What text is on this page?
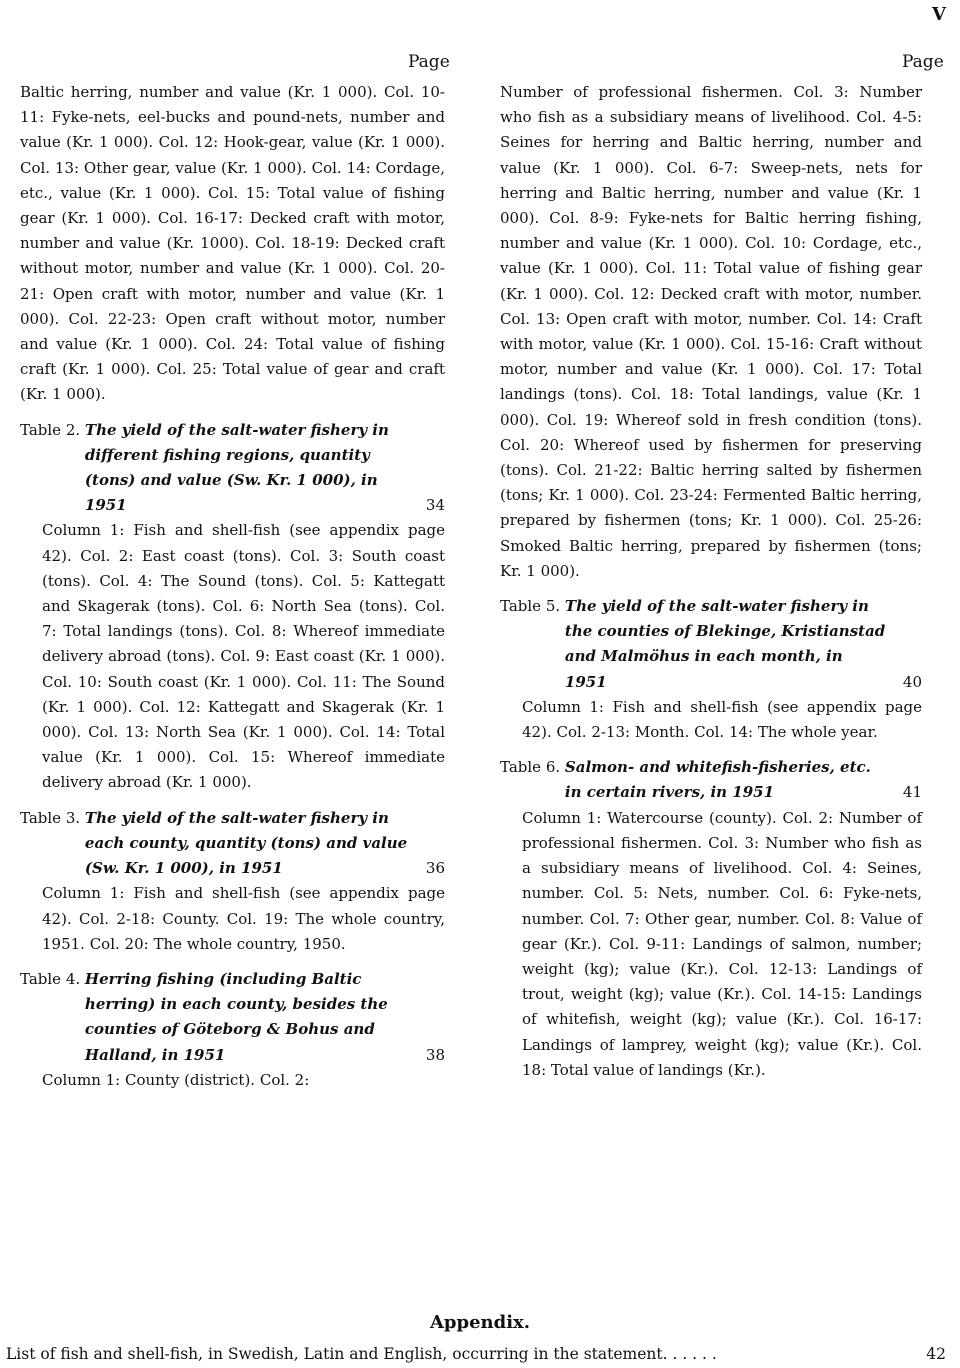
V
Page	Page
Baltic herring, number and value (Kr. 1 000). Col. 10-11: Fyke-nets, eel-bucks and pound-nets, number and value (Kr. 1 000). Col. 12: Hook-gear, value (Kr. 1 000). Col. 13: Other gear, value (Kr. 1 000). Col. 14: Cordage, etc., value (Kr. 1 000). Col. 15: Total value of fishing gear (Kr. 1 000). Col. 16-17: Decked craft with motor, number and value (Kr. 1000). Col. 18-19: Decked craft without motor, number and value (Kr. 1 000). Col. 20-21: Open craft with motor, number and value (Kr. 1 000). Col. 22-23: Open craft without motor, number and value (Kr. 1 000). Col. 24: Total value of fishing craft (Kr. 1 000). Col. 25: Total value of gear and craft (Kr. 1 000).
Table 2. The yield of the salt-water fishery in different fishing regions, quantity (tons) and value (Sw. Kr. 1 000), in 1951	34
Column 1: Fish and shell-fish (see appendix page 42). Col. 2: East coast (tons). Col. 3: South coast (tons). Col. 4: The Sound (tons). Col. 5: Kattegatt and Skagerak (tons). Col. 6: North Sea (tons). Col. 7: Total landings (tons). Col. 8: Whereof immediate delivery abroad (tons). Col. 9: East coast (Kr. 1 000). Col. 10: South coast (Kr. 1 000). Col. 11: The Sound (Kr. 1 000). Col. 12: Kattegatt and Skagerak (Kr. 1 000). Col. 13: North Sea (Kr. 1 000). Col. 14: Total value (Kr. 1 000). Col. 15: Whereof immediate delivery abroad (Kr. 1 000).
Table 3. The yield of the salt-water fishery in each county, quantity (tons) and value (Sw. Kr. 1 000), in 1951	36
Column 1: Fish and shell-fish (see appendix page 42). Col. 2-18: County. Col. 19: The whole country, 1951. Col. 20: The whole country, 1950.
Table 4. Herring fishing (including Baltic herring) in each county, besides the counties of Göteborg & Bohus and Halland, in 1951	38
Column 1: County (district). Col. 2:
Number of professional fishermen. Col. 3: Number who fish as a subsidiary means of livelihood. Col. 4-5: Seines for herring and Baltic herring, number and value (Kr. 1 000). Col. 6-7: Sweep-nets, nets for herring and Baltic herring, number and value (Kr. 1 000). Col. 8-9: Fyke-nets for Baltic herring fishing, number and value (Kr. 1 000). Col. 10: Cordage, etc., value (Kr. 1 000). Col. 11: Total value of fishing gear (Kr. 1 000). Col. 12: Decked craft with motor, number. Col. 13: Open craft with motor, number. Col. 14: Craft with motor, value (Kr. 1 000). Col. 15-16: Craft without motor, number and value (Kr. 1 000). Col. 17: Total landings (tons). Col. 18: Total landings, value (Kr. 1 000). Col. 19: Whereof sold in fresh condition (tons). Col. 20: Whereof used by fishermen for preserving (tons). Col. 21-22: Baltic herring salted by fishermen (tons; Kr. 1 000). Col. 23-24: Fermented Baltic herring, prepared by fishermen (tons; Kr. 1 000). Col. 25-26: Smoked Baltic herring, prepared by fishermen (tons; Kr. 1 000).
Table 5. The yield of the salt-water fishery in the counties of Blekinge, Kristianstad and Malmöhus in each month, in 1951	40
Column 1: Fish and shell-fish (see appendix page 42). Col. 2-13: Month. Col. 14: The whole year.
Table 6. Salmon- and whitefish-fisheries, etc. in certain rivers, in 1951	41
Column 1: Watercourse (county). Col. 2: Number of professional fishermen. Col. 3: Number who fish as a subsidiary means of livelihood. Col. 4: Seines, number. Col. 5: Nets, number. Col. 6: Fyke-nets, number. Col. 7: Other gear, number. Col. 8: Value of gear (Kr.). Col. 9-11: Landings of salmon, number; weight (kg); value (Kr.). Col. 12-13: Landings of trout, weight (kg); value (Kr.). Col. 14-15: Landings of whitefish, weight (kg); value (Kr.). Col. 16-17: Landings of lamprey, weight (kg); value (Kr.). Col. 18: Total value of landings (Kr.).
Appendix.
List of fish and shell-fish, in Swedish, Latin and English, occurring in the statement. . . . . .	42
